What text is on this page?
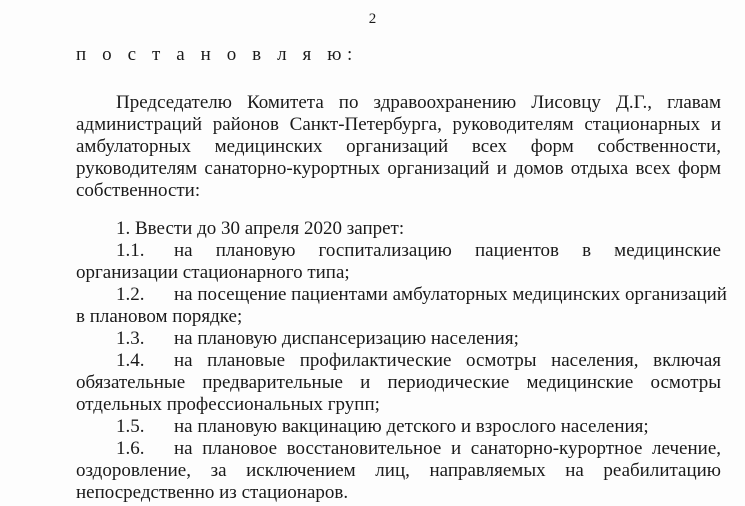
2
п о с т а н о в л я ю:
Председателю Комитета по здравоохранению Лисовцу Д.Г., главам
администраций районов Санкт-Петербурга, руководителям стационарных и
амбулаторных медицинских организаций всех форм собственности,
руководителям санаторно-курортных организаций и домов отдыха всех форм
собственности:
1. Ввести до 30 апреля 2020 запрет:
1.1. на плановую госпитализацию пациентов в медицинские
организации стационарного типа;
1.2. на посещение пациентами амбулаторных медицинских организаций
в плановом порядке;
1.3. на плановую диспансеризацию населения;
1.4. на плановые профилактические осмотры населения, включая
обязательные предварительные и периодические медицинские осмотры
отдельных профессиональных групп;
1.5. на плановую вакцинацию детского и взрослого населения;
1.6. на плановое восстановительное и санаторно-курортное лечение,
оздоровление, за исключением лиц, направляемых на реабилитацию
непосредственно из стационаров.
